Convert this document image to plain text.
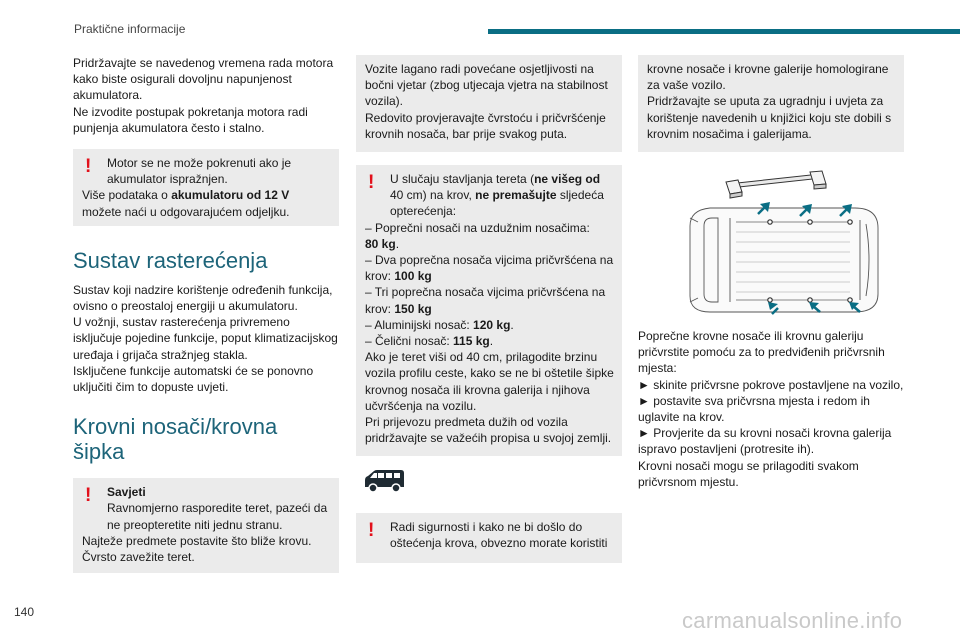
Praktične informacije

Pridržavajte se navedenog vremena rada motora kako biste osigurali dovoljnu napunjenost akumulatora.

Ne izvodite postupak pokretanja motora radi punjenja akumulatora često i stalno.

!	Motor se ne može pokrenuti ako je akumulator ispražnjen.

Više podataka o akumulatoru od 12 V možete naći u odgovarajućem odjeljku.

Sustav rasterećenja

Sustav koji nadzire korištenje određenih funkcija, ovisno o preostaloj energiji u akumulatoru.

U vožnji, sustav rasterećenja privremeno isključuje pojedine funkcije, poput klimatizacijskog uređaja i grijača stražnjeg stakla.

Isključene funkcije automatski će se ponovno uključiti čim to dopuste uvjeti.

Krovni nosači/krovna šipka
!	Savjeti

Ravnomjerno rasporedite teret, pazeći da ne preopteretite niti jednu stranu.

Najteže predmete postavite što bliže krovu.

Čvrsto zavežite teret.

Vozite lagano radi povećane osjetljivosti na bočni vjetar (zbog utjecaja vjetra na stabilnost vozila).

Redovito provjeravajte čvrstoću i pričvršćenje krovnih nosača, bar prije svakog puta.

!	U slučaju stavljanja tereta (ne višeg od 40 cm) na krov, ne premašujte sljedeća opterećenja:

– Poprečni nosači na uzdužnim nosačima:
80 kg.

– Dva poprečna nosača vijcima pričvršćena na krov: 100 kg

– Tri poprečna nosača vijcima pričvršćena na krov: 150 kg

– Aluminijski nosač: 120 kg.

– Čelični nosač: 115 kg.

Ako je teret viši od 40 cm, prilagodite brzinu vozila profilu ceste, kako se ne bi oštetile šipke krovnog nosača ili krovna galerija i njihova učvršćenja na vozilu.

Pri prijevozu predmeta dužih od vozila pridržavajte se važećih propisa u svojoj zemlji.

!	Radi sigurnosti i kako ne bi došlo do oštećenja krova, obvezno morate koristiti

krovne nosače i krovne galerije homologirane za vaše vozilo.

Pridržavajte se uputa za ugradnju i uvjeta za korištenje navedenih u knjižici koju ste dobili s krovnim nosačima i galerijama.

Poprečne krovne nosače ili krovnu galeriju pričvrstite pomoću za to predviđenih pričvrsnih mjesta:

► skinite pričvrsne pokrove postavljene na vozilo,

► postavite sva pričvrsna mjesta i redom ih uglavite na krov.

► Provjerite da su krovni nosači krovna galerija ispravo postavljeni (protresite ih).

Krovni nosači mogu se prilagoditi svakom pričvrsnom mjestu.

140	carmanualsonline.info
